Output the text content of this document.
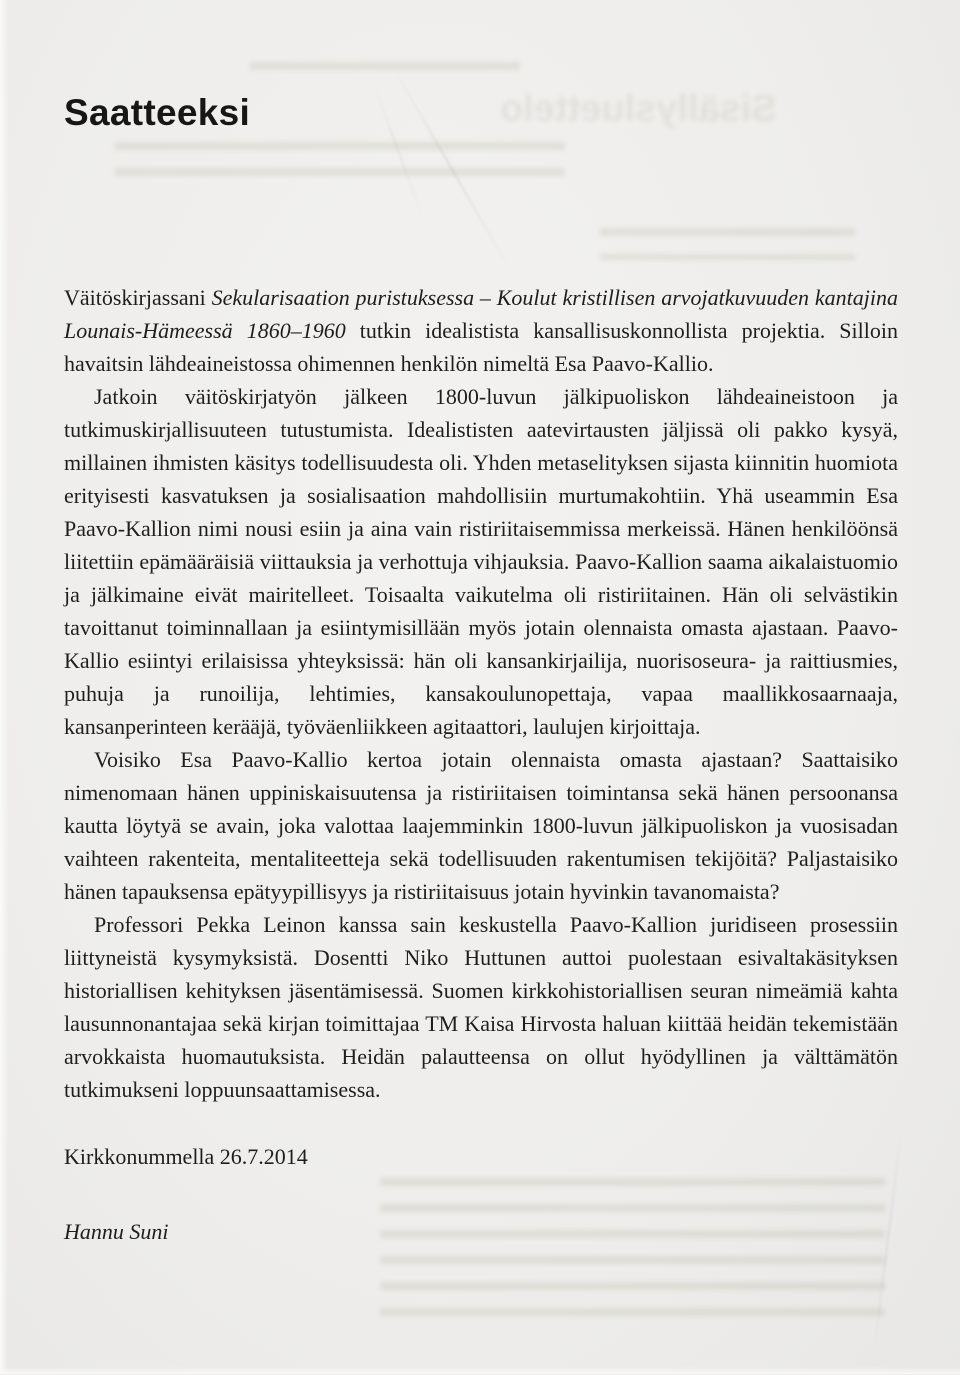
Sisällysluettelo
Saatteeksi

Väitöskirjassani Sekularisaation puristuksessa – Koulut kristillisen arvojatkuvuuden kantajina Lounais-Hämeessä 1860–1960 tutkin idealistista kansallisuskonnollista projektia. Silloin havaitsin lähdeaineistossa ohimennen henkilön nimeltä Esa Paavo-Kallio.

Jatkoin väitöskirjatyön jälkeen 1800-luvun jälkipuoliskon lähdeaineistoon ja tutkimuskirjallisuuteen tutustumista. Idealististen aatevirtausten jäljissä oli pakko kysyä, millainen ihmisten käsitys todellisuudesta oli. Yhden metaselityksen sijasta kiinnitin huomiota erityisesti kasvatuksen ja sosialisaation mahdollisiin murtumakohtiin. Yhä useammin Esa Paavo-Kallion nimi nousi esiin ja aina vain ristiriitaisemmissa merkeissä. Hänen henkilöönsä liitettiin epämääräisiä viittauksia ja verhottuja vihjauksia. Paavo-Kallion saama aikalaistuomio ja jälkimaine eivät mairitelleet. Toisaalta vaikutelma oli ristiriitainen. Hän oli selvästikin tavoittanut toiminnallaan ja esiintymisillään myös jotain olennaista omasta ajastaan. Paavo-Kallio esiintyi erilaisissa yhteyksissä: hän oli kansankirjailija, nuorisoseura- ja raittiusmies, puhuja ja runoilija, lehtimies, kansakoulunopettaja, vapaa maallikkosaarnaaja, kansanperinteen kerääjä, työväenliikkeen agitaattori, laulujen kirjoittaja.

Voisiko Esa Paavo-Kallio kertoa jotain olennaista omasta ajastaan? Saattaisiko nimenomaan hänen uppiniskaisuutensa ja ristiriitaisen toimintansa sekä hänen persoonansa kautta löytyä se avain, joka valottaa laajemminkin 1800-luvun jälkipuoliskon ja vuosisadan vaihteen rakenteita, mentaliteetteja sekä todellisuuden rakentumisen tekijöitä? Paljastaisiko hänen tapauksensa epätyypillisyys ja ristiriitaisuus jotain hyvinkin tavanomaista?

Professori Pekka Leinon kanssa sain keskustella Paavo-Kallion juridiseen prosessiin liittyneistä kysymyksistä. Dosentti Niko Huttunen auttoi puolestaan esivaltakäsityksen historiallisen kehityksen jäsentämisessä. Suomen kirkkohistoriallisen seuran nimeämiä kahta lausunnonantajaa sekä kirjan toimittajaa TM Kaisa Hirvosta haluan kiittää heidän tekemistään arvokkaista huomautuksista. Heidän palautteensa on ollut hyödyllinen ja välttämätön tutkimukseni loppuunsaattamisessa.

Kirkkonummella 26.7.2014

Hannu Suni
